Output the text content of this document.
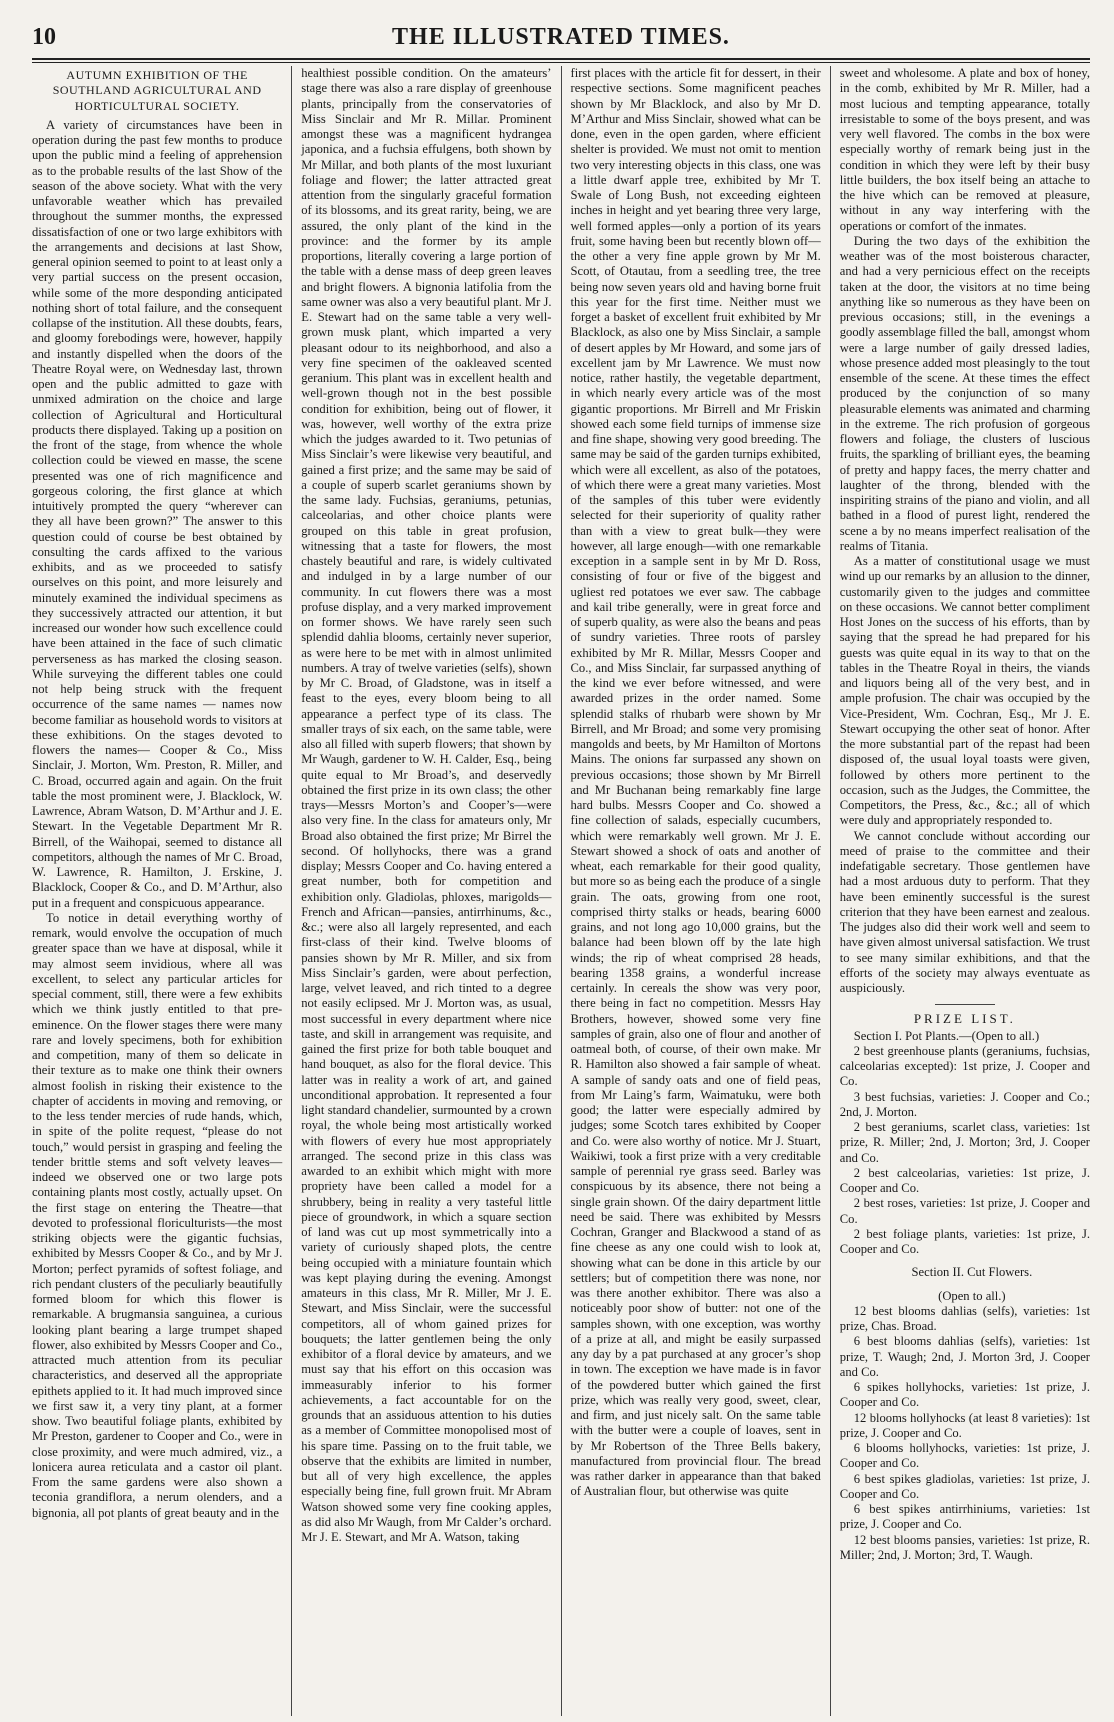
THE ILLUSTRATED TIMES.
10
AUTUMN EXHIBITION OF THE SOUTHLAND AGRICULTURAL AND HORTICULTURAL SOCIETY.

A variety of circumstances have been in operation during the past few months to produce upon the public mind a feeling of apprehension as to the probable results of the last Show of the season of the above society. What with the very unfavorable weather which has prevailed throughout the summer months, the expressed dissatisfaction of one or two large exhibitors with the arrangements and decisions at last Show, general opinion seemed to point to at least only a very partial success on the present occasion, while some of the more desponding anticipated nothing short of total failure, and the consequent collapse of the institution. All these doubts, fears, and gloomy forebodings were, however, happily and instantly dispelled when the doors of the Theatre Royal were, on Wednesday last, thrown open and the public admitted to gaze with unmixed admiration on the choice and large collection of Agricultural and Horticultural products there displayed. Taking up a position on the front of the stage, from whence the whole collection could be viewed en masse, the scene presented was one of rich magnificence and gorgeous coloring, the first glance at which intuitively prompted the query “wherever can they all have been grown?” The answer to this question could of course be best obtained by consulting the cards affixed to the various exhibits, and as we proceeded to satisfy ourselves on this point, and more leisurely and minutely examined the individual specimens as they successively attracted our attention, it but increased our wonder how such excellence could have been attained in the face of such climatic perverseness as has marked the closing season. While surveying the different tables one could not help being struck with the frequent occurrence of the same names — names now become familiar as household words to visitors at these exhibitions. On the stages devoted to flowers the names— Cooper & Co., Miss Sinclair, J. Morton, Wm. Preston, R. Miller, and C. Broad, occurred again and again. On the fruit table the most prominent were, J. Blacklock, W. Lawrence, Abram Watson, D. M’Arthur and J. E. Stewart. In the Vegetable Department Mr R. Birrell, of the Waihopai, seemed to distance all competitors, although the names of Mr C. Broad, W. Lawrence, R. Hamilton, J. Erskine, J. Blacklock, Cooper & Co., and D. M’Arthur, also put in a frequent and conspicuous appearance.

To notice in detail everything worthy of remark, would envolve the occupation of much greater space than we have at disposal, while it may almost seem invidious, where all was excellent, to select any particular articles for special comment, still, there were a few exhibits which we think justly entitled to that pre-eminence. On the flower stages there were many rare and lovely specimens, both for exhibition and competition, many of them so delicate in their texture as to make one think their owners almost foolish in risking their existence to the chapter of accidents in moving and removing, or to the less tender mercies of rude hands, which, in spite of the polite request, “please do not touch,” would persist in grasping and feeling the tender brittle stems and soft velvety leaves—indeed we observed one or two large pots containing plants most costly, actually upset. On the first stage on entering the Theatre—that devoted to professional floriculturists—the most striking objects were the gigantic fuchsias, exhibited by Messrs Cooper & Co., and by Mr J. Morton; perfect pyramids of softest foliage, and rich pendant clusters of the peculiarly beautifully formed bloom for which this flower is remarkable. A brugmansia sanguinea, a curious looking plant bearing a large trumpet shaped flower, also exhibited by Messrs Cooper and Co., attracted much attention from its peculiar characteristics, and deserved all the appropriate epithets applied to it. It had much improved since we first saw it, a very tiny plant, at a former show. Two beautiful foliage plants, exhibited by Mr Preston, gardener to Cooper and Co., were in close proximity, and were much admired, viz., a lonicera aurea reticulata and a castor oil plant. From the same gardens were also shown a teconia grandiflora, a nerum olenders, and a bignonia, all pot plants of great beauty and in the

healthiest possible condition. On the amateurs’ stage there was also a rare display of greenhouse plants, principally from the conservatories of Miss Sinclair and Mr R. Millar. Prominent amongst these was a magnificent hydrangea japonica, and a fuchsia effulgens, both shown by Mr Millar, and both plants of the most luxuriant foliage and flower; the latter attracted great attention from the singularly graceful formation of its blossoms, and its great rarity, being, we are assured, the only plant of the kind in the province: and the former by its ample proportions, literally covering a large portion of the table with a dense mass of deep green leaves and bright flowers. A bignonia latifolia from the same owner was also a very beautiful plant. Mr J. E. Stewart had on the same table a very well-grown musk plant, which imparted a very pleasant odour to its neighborhood, and also a very fine specimen of the oakleaved scented geranium. This plant was in excellent health and well-grown though not in the best possible condition for exhibition, being out of flower, it was, however, well worthy of the extra prize which the judges awarded to it. Two petunias of Miss Sinclair’s were likewise very beautiful, and gained a first prize; and the same may be said of a couple of superb scarlet geraniums shown by the same lady. Fuchsias, geraniums, petunias, calceolarias, and other choice plants were grouped on this table in great profusion, witnessing that a taste for flowers, the most chastely beautiful and rare, is widely cultivated and indulged in by a large number of our community. In cut flowers there was a most profuse display, and a very marked improvement on former shows. We have rarely seen such splendid dahlia blooms, certainly never superior, as were here to be met with in almost unlimited numbers. A tray of twelve varieties (selfs), shown by Mr C. Broad, of Gladstone, was in itself a feast to the eyes, every bloom being to all appearance a perfect type of its class. The smaller trays of six each, on the same table, were also all filled with superb flowers; that shown by Mr Waugh, gardener to W. H. Calder, Esq., being quite equal to Mr Broad’s, and deservedly obtained the first prize in its own class; the other trays—Messrs Morton’s and Cooper’s—were also very fine. In the class for amateurs only, Mr Broad also obtained the first prize; Mr Birrel the second. Of hollyhocks, there was a grand display; Messrs Cooper and Co. having entered a great number, both for competition and exhibition only. Gladiolas, phloxes, marigolds—French and African—pansies, antirrhinums, &c., &c.; were also all largely represented, and each first-class of their kind. Twelve blooms of pansies shown by Mr R. Miller, and six from Miss Sinclair’s garden, were about perfection, large, velvet leaved, and rich tinted to a degree not easily eclipsed. Mr J. Morton was, as usual, most successful in every department where nice taste, and skill in arrangement was requisite, and gained the first prize for both table bouquet and hand bouquet, as also for the floral device. This latter was in reality a work of art, and gained unconditional approbation. It represented a four light standard chandelier, surmounted by a crown royal, the whole being most artistically worked with flowers of every hue most appropriately arranged. The second prize in this class was awarded to an exhibit which might with more propriety have been called a model for a shrubbery, being in reality a very tasteful little piece of groundwork, in which a square section of land was cut up most symmetrically into a variety of curiously shaped plots, the centre being occupied with a miniature fountain which was kept playing during the evening. Amongst amateurs in this class, Mr R. Miller, Mr J. E. Stewart, and Miss Sinclair, were the successful competitors, all of whom gained prizes for bouquets; the latter gentlemen being the only exhibitor of a floral device by amateurs, and we must say that his effort on this occasion was immeasurably inferior to his former achievements, a fact accountable for on the grounds that an assiduous attention to his duties as a member of Committee monopolised most of his spare time. Passing on to the fruit table, we observe that the exhibits are limited in number, but all of very high excellence, the apples especially being fine, full grown fruit. Mr Abram Watson showed some very fine cooking apples, as did also Mr Waugh, from Mr Calder’s orchard. Mr J. E. Stewart, and Mr A. Watson, taking

first places with the article fit for dessert, in their respective sections. Some magnificent peaches shown by Mr Blacklock, and also by Mr D. M’Arthur and Miss Sinclair, showed what can be done, even in the open garden, where efficient shelter is provided. We must not omit to mention two very interesting objects in this class, one was a little dwarf apple tree, exhibited by Mr T. Swale of Long Bush, not exceeding eighteen inches in height and yet bearing three very large, well formed apples—only a portion of its years fruit, some having been but recently blown off—the other a very fine apple grown by Mr M. Scott, of Otautau, from a seedling tree, the tree being now seven years old and having borne fruit this year for the first time. Neither must we forget a basket of excellent fruit exhibited by Mr Blacklock, as also one by Miss Sinclair, a sample of desert apples by Mr Howard, and some jars of excellent jam by Mr Lawrence. We must now notice, rather hastily, the vegetable department, in which nearly every article was of the most gigantic proportions. Mr Birrell and Mr Friskin showed each some field turnips of immense size and fine shape, showing very good breeding. The same may be said of the garden turnips exhibited, which were all excellent, as also of the potatoes, of which there were a great many varieties. Most of the samples of this tuber were evidently selected for their superiority of quality rather than with a view to great bulk—they were however, all large enough—with one remarkable exception in a sample sent in by Mr D. Ross, consisting of four or five of the biggest and ugliest red potatoes we ever saw. The cabbage and kail tribe generally, were in great force and of superb quality, as were also the beans and peas of sundry varieties. Three roots of parsley exhibited by Mr R. Millar, Messrs Cooper and Co., and Miss Sinclair, far surpassed anything of the kind we ever before witnessed, and were awarded prizes in the order named. Some splendid stalks of rhubarb were shown by Mr Birrell, and Mr Broad; and some very promising mangolds and beets, by Mr Hamilton of Mortons Mains. The onions far surpassed any shown on previous occasions; those shown by Mr Birrell and Mr Buchanan being remarkably fine large hard bulbs. Messrs Cooper and Co. showed a fine collection of salads, especially cucumbers, which were remarkably well grown. Mr J. E. Stewart showed a shock of oats and another of wheat, each remarkable for their good quality, but more so as being each the produce of a single grain. The oats, growing from one root, comprised thirty stalks or heads, bearing 6000 grains, and not long ago 10,000 grains, but the balance had been blown off by the late high winds; the rip of wheat comprised 28 heads, bearing 1358 grains, a wonderful increase certainly. In cereals the show was very poor, there being in fact no competition. Messrs Hay Brothers, however, showed some very fine samples of grain, also one of flour and another of oatmeal both, of course, of their own make. Mr R. Hamilton also showed a fair sample of wheat. A sample of sandy oats and one of field peas, from Mr Laing’s farm, Waimatuku, were both good; the latter were especially admired by judges; some Scotch tares exhibited by Cooper and Co. were also worthy of notice. Mr J. Stuart, Waikiwi, took a first prize with a very creditable sample of perennial rye grass seed. Barley was conspicuous by its absence, there not being a single grain shown. Of the dairy department little need be said. There was exhibited by Messrs Cochran, Granger and Blackwood a stand of as fine cheese as any one could wish to look at, showing what can be done in this article by our settlers; but of competition there was none, nor was there another exhibitor. There was also a noticeably poor show of butter: not one of the samples shown, with one exception, was worthy of a prize at all, and might be easily surpassed any day by a pat purchased at any grocer’s shop in town. The exception we have made is in favor of the powdered butter which gained the first prize, which was really very good, sweet, clear, and firm, and just nicely salt. On the same table with the butter were a couple of loaves, sent in by Mr Robertson of the Three Bells bakery, manufactured from provincial flour. The bread was rather darker in appearance than that baked of Australian flour, but otherwise was quite

sweet and wholesome. A plate and box of honey, in the comb, exhibited by Mr R. Miller, had a most lucious and tempting appearance, totally irresistable to some of the boys present, and was very well flavored. The combs in the box were especially worthy of remark being just in the condition in which they were left by their busy little builders, the box itself being an attache to the hive which can be removed at pleasure, without in any way interfering with the operations or comfort of the inmates.

During the two days of the exhibition the weather was of the most boisterous character, and had a very pernicious effect on the receipts taken at the door, the visitors at no time being anything like so numerous as they have been on previous occasions; still, in the evenings a goodly assemblage filled the ball, amongst whom were a large number of gaily dressed ladies, whose presence added most pleasingly to the tout ensemble of the scene. At these times the effect produced by the conjunction of so many pleasurable elements was animated and charming in the extreme. The rich profusion of gorgeous flowers and foliage, the clusters of luscious fruits, the sparkling of brilliant eyes, the beaming of pretty and happy faces, the merry chatter and laughter of the throng, blended with the inspiriting strains of the piano and violin, and all bathed in a flood of purest light, rendered the scene a by no means imperfect realisation of the realms of Titania.

As a matter of constitutional usage we must wind up our remarks by an allusion to the dinner, customarily given to the judges and committee on these occasions. We cannot better compliment Host Jones on the success of his efforts, than by saying that the spread he had prepared for his guests was quite equal in its way to that on the tables in the Theatre Royal in theirs, the viands and liquors being all of the very best, and in ample profusion. The chair was occupied by the Vice-President, Wm. Cochran, Esq., Mr J. E. Stewart occupying the other seat of honor. After the more substantial part of the repast had been disposed of, the usual loyal toasts were given, followed by others more pertinent to the occasion, such as the Judges, the Committee, the Competitors, the Press, &c., &c.; all of which were duly and appropriately responded to.

We cannot conclude without according our meed of praise to the committee and their indefatigable secretary. Those gentlemen have had a most arduous duty to perform. That they have been eminently successful is the surest criterion that they have been earnest and zealous. The judges also did their work well and seem to have given almost universal satisfaction. We trust to see many similar exhibitions, and that the efforts of the society may always eventuate as auspiciously.

PRIZE LIST.

Section I. Pot Plants.—(Open to all.)

2 best greenhouse plants (geraniums, fuchsias, calceolarias excepted): 1st prize, J. Cooper and Co.

3 best fuchsias, varieties: J. Cooper and Co.; 2nd, J. Morton.

2 best geraniums, scarlet class, varieties: 1st prize, R. Miller; 2nd, J. Morton; 3rd, J. Cooper and Co.

2 best calceolarias, varieties: 1st prize, J. Cooper and Co.

2 best roses, varieties: 1st prize, J. Cooper and Co.

2 best foliage plants, varieties: 1st prize, J. Cooper and Co.

Section II. Cut Flowers.

(Open to all.)

12 best blooms dahlias (selfs), varieties: 1st prize, Chas. Broad.

6 best blooms dahlias (selfs), varieties: 1st prize, T. Waugh; 2nd, J. Morton 3rd, J. Cooper and Co.

6 spikes hollyhocks, varieties: 1st prize, J. Cooper and Co.

12 blooms hollyhocks (at least 8 varieties): 1st prize, J. Cooper and Co.

6 blooms hollyhocks, varieties: 1st prize, J. Cooper and Co.

6 best spikes gladiolas, varieties: 1st prize, J. Cooper and Co.

6 best spikes antirrhiniums, varieties: 1st prize, J. Cooper and Co.

12 best blooms pansies, varieties: 1st prize, R. Miller; 2nd, J. Morton; 3rd, T. Waugh.
